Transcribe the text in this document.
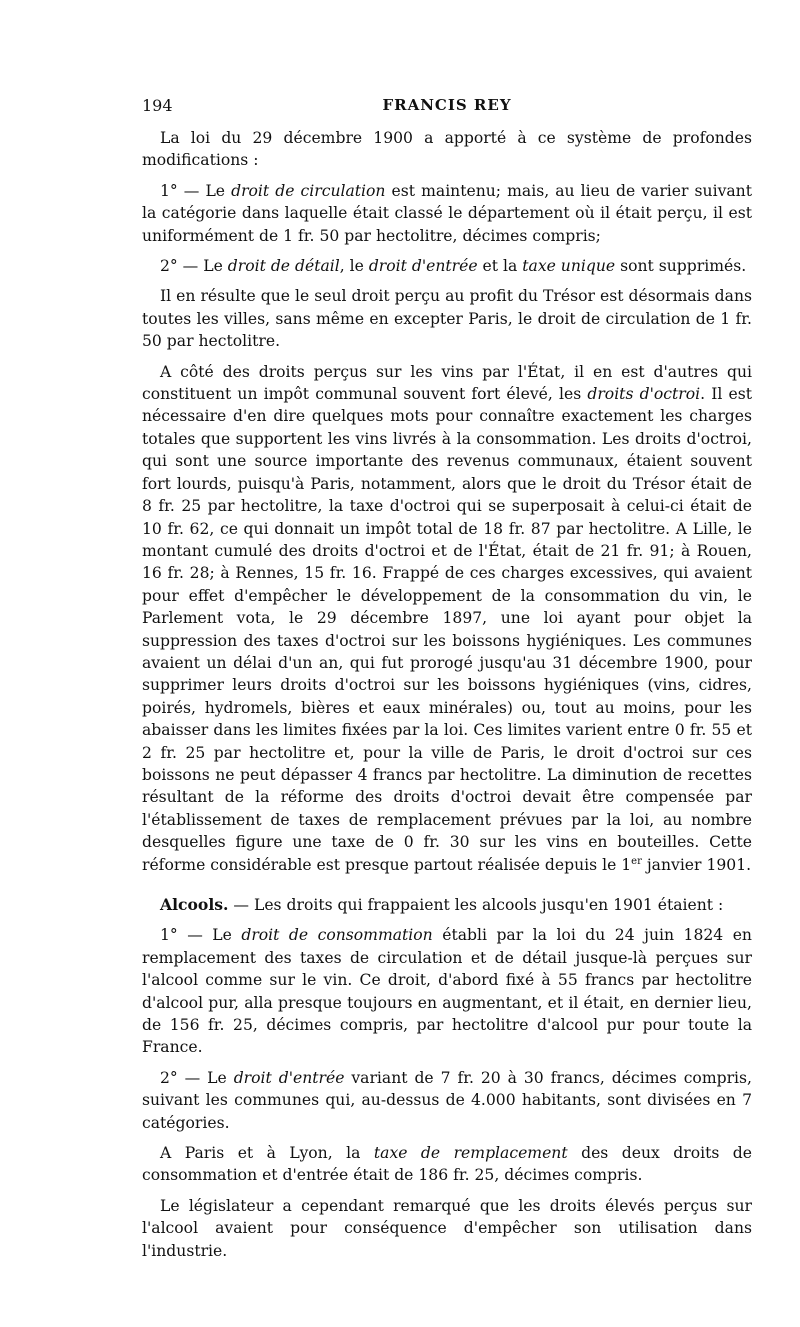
194	FRANCIS REY

La loi du 29 décembre 1900 a apporté à ce système de profondes modifications :

1° — Le droit de circulation est maintenu; mais, au lieu de varier suivant la catégorie dans laquelle était classé le département où il était perçu, il est uniformément de 1 fr. 50 par hectolitre, décimes compris;

2° — Le droit de détail, le droit d'entrée et la taxe unique sont supprimés.

Il en résulte que le seul droit perçu au profit du Trésor est désormais dans toutes les villes, sans même en excepter Paris, le droit de circulation de 1 fr. 50 par hectolitre.

A côté des droits perçus sur les vins par l'État, il en est d'autres qui constituent un impôt communal souvent fort élevé, les droits d'octroi. Il est nécessaire d'en dire quelques mots pour connaître exactement les charges totales que supportent les vins livrés à la consommation. Les droits d'octroi, qui sont une source importante des revenus communaux, étaient souvent fort lourds, puisqu'à Paris, notamment, alors que le droit du Trésor était de 8 fr. 25 par hectolitre, la taxe d'octroi qui se superposait à celui-ci était de 10 fr. 62, ce qui donnait un impôt total de 18 fr. 87 par hectolitre. A Lille, le montant cumulé des droits d'octroi et de l'État, était de 21 fr. 91; à Rouen, 16 fr. 28; à Rennes, 15 fr. 16. Frappé de ces charges excessives, qui avaient pour effet d'empêcher le développement de la consommation du vin, le Parlement vota, le 29 décembre 1897, une loi ayant pour objet la suppression des taxes d'octroi sur les boissons hygiéniques. Les communes avaient un délai d'un an, qui fut prorogé jusqu'au 31 décembre 1900, pour supprimer leurs droits d'octroi sur les boissons hygiéniques (vins, cidres, poirés, hydromels, bières et eaux minérales) ou, tout au moins, pour les abaisser dans les limites fixées par la loi. Ces limites varient entre 0 fr. 55 et 2 fr. 25 par hectolitre et, pour la ville de Paris, le droit d'octroi sur ces boissons ne peut dépasser 4 francs par hectolitre. La diminution de recettes résultant de la réforme des droits d'octroi devait être compensée par l'établissement de taxes de remplacement prévues par la loi, au nombre desquelles figure une taxe de 0 fr. 30 sur les vins en bouteilles. Cette réforme considérable est presque partout réalisée depuis le 1er janvier 1901.

Alcools. — Les droits qui frappaient les alcools jusqu'en 1901 étaient :

1° — Le droit de consommation établi par la loi du 24 juin 1824 en remplacement des taxes de circulation et de détail jusque-là perçues sur l'alcool comme sur le vin. Ce droit, d'abord fixé à 55 francs par hectolitre d'alcool pur, alla presque toujours en augmentant, et il était, en dernier lieu, de 156 fr. 25, décimes compris, par hectolitre d'alcool pur pour toute la France.

2° — Le droit d'entrée variant de 7 fr. 20 à 30 francs, décimes compris, suivant les communes qui, au-dessus de 4.000 habitants, sont divisées en 7 catégories.

A Paris et à Lyon, la taxe de remplacement des deux droits de consommation et d'entrée était de 186 fr. 25, décimes compris.

Le législateur a cependant remarqué que les droits élevés perçus sur l'alcool avaient pour conséquence d'empêcher son utilisation dans l'industrie.
